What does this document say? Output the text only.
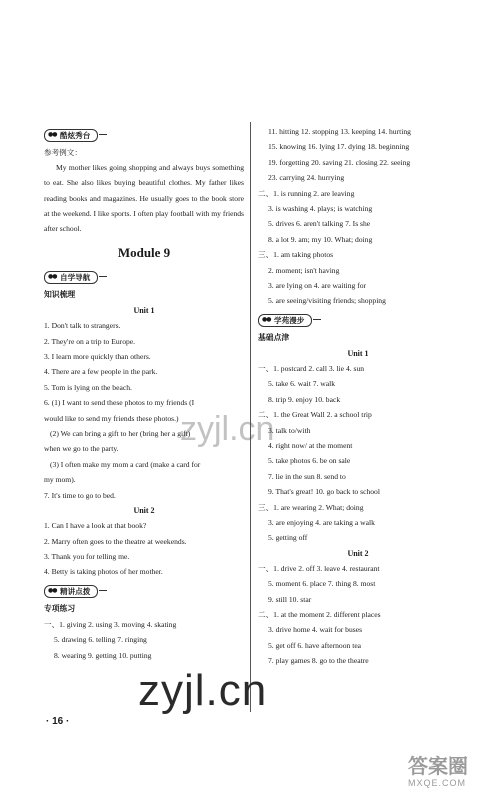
●● 酷炫秀台
参考例文：
My mother likes going shopping and always buys something to eat. She also likes buying beautiful clothes. My father likes reading books and magazines. He usually goes to the book store at the weekend. I like sports. I often play football with my friends after school.
Module 9
●● 自学导航
知识梳理
Unit 1
1. Don't talk to strangers.
2. They're on a trip to Europe.
3. I learn more quickly than others.
4. There are a few people in the park.
5. Tom is lying on the beach.
6. (1) I want to send these photos to my friends (I
would like to send my friends these photos.)
(2) We can bring a gift to her (bring her a gift)
when we go to the party.
(3) I often make my mom a card (make a card for
my mom).
7. It's time to go to bed.
Unit 2
1. Can I have a look at that book?
2. Marry often goes to the theatre at weekends.
3. Thank you for telling me.
4. Betty is taking photos of her mother.
●● 精讲点拨
专项练习
一、1. giving 2. using 3. moving 4. skating
5. drawing 6. telling 7. ringing
8. wearing 9. getting 10. putting
11. hitting 12. stopping 13. keeping 14. hurting
15. knowing 16. lying 17. dying 18. beginning
19. forgetting 20. saving 21. closing 22. seeing
23. carrying 24. hurrying
二、1. is running 2. are leaving
3. is washing 4. plays; is watching
5. drives 6. aren't talking 7. Is she
8. a lot 9. am; my 10. What; doing
三、1. am taking photos
2. moment; isn't having
3. are lying on 4. are waiting for
5. are seeing/visiting friends; shopping
●● 学苑漫步
基础点津
Unit 1
一、1. postcard 2. call 3. lie 4. sun
5. take 6. wait 7. walk
8. trip 9. enjoy 10. back
二、1. the Great Wall 2. a school trip
3. talk to/with
4. right now/ at the moment
5. take photos 6. be on sale
7. lie in the sun 8. send to
9. That's great! 10. go back to school
三、1. are wearing 2. What; doing
3. are enjoying 4. are taking a walk
5. getting off
Unit 2
一、1. drive 2. off 3. leave 4. restaurant
5. moment 6. place 7. thing 8. most
9. still 10. star
二、1. at the moment 2. different places
3. drive home 4. wait for buses
5. get off 6. have afternoon tea
7. play games 8. go to the theatre
· 16 ·
zyjl.cn
zyjl.cn
答案圈
MXQE.COM
